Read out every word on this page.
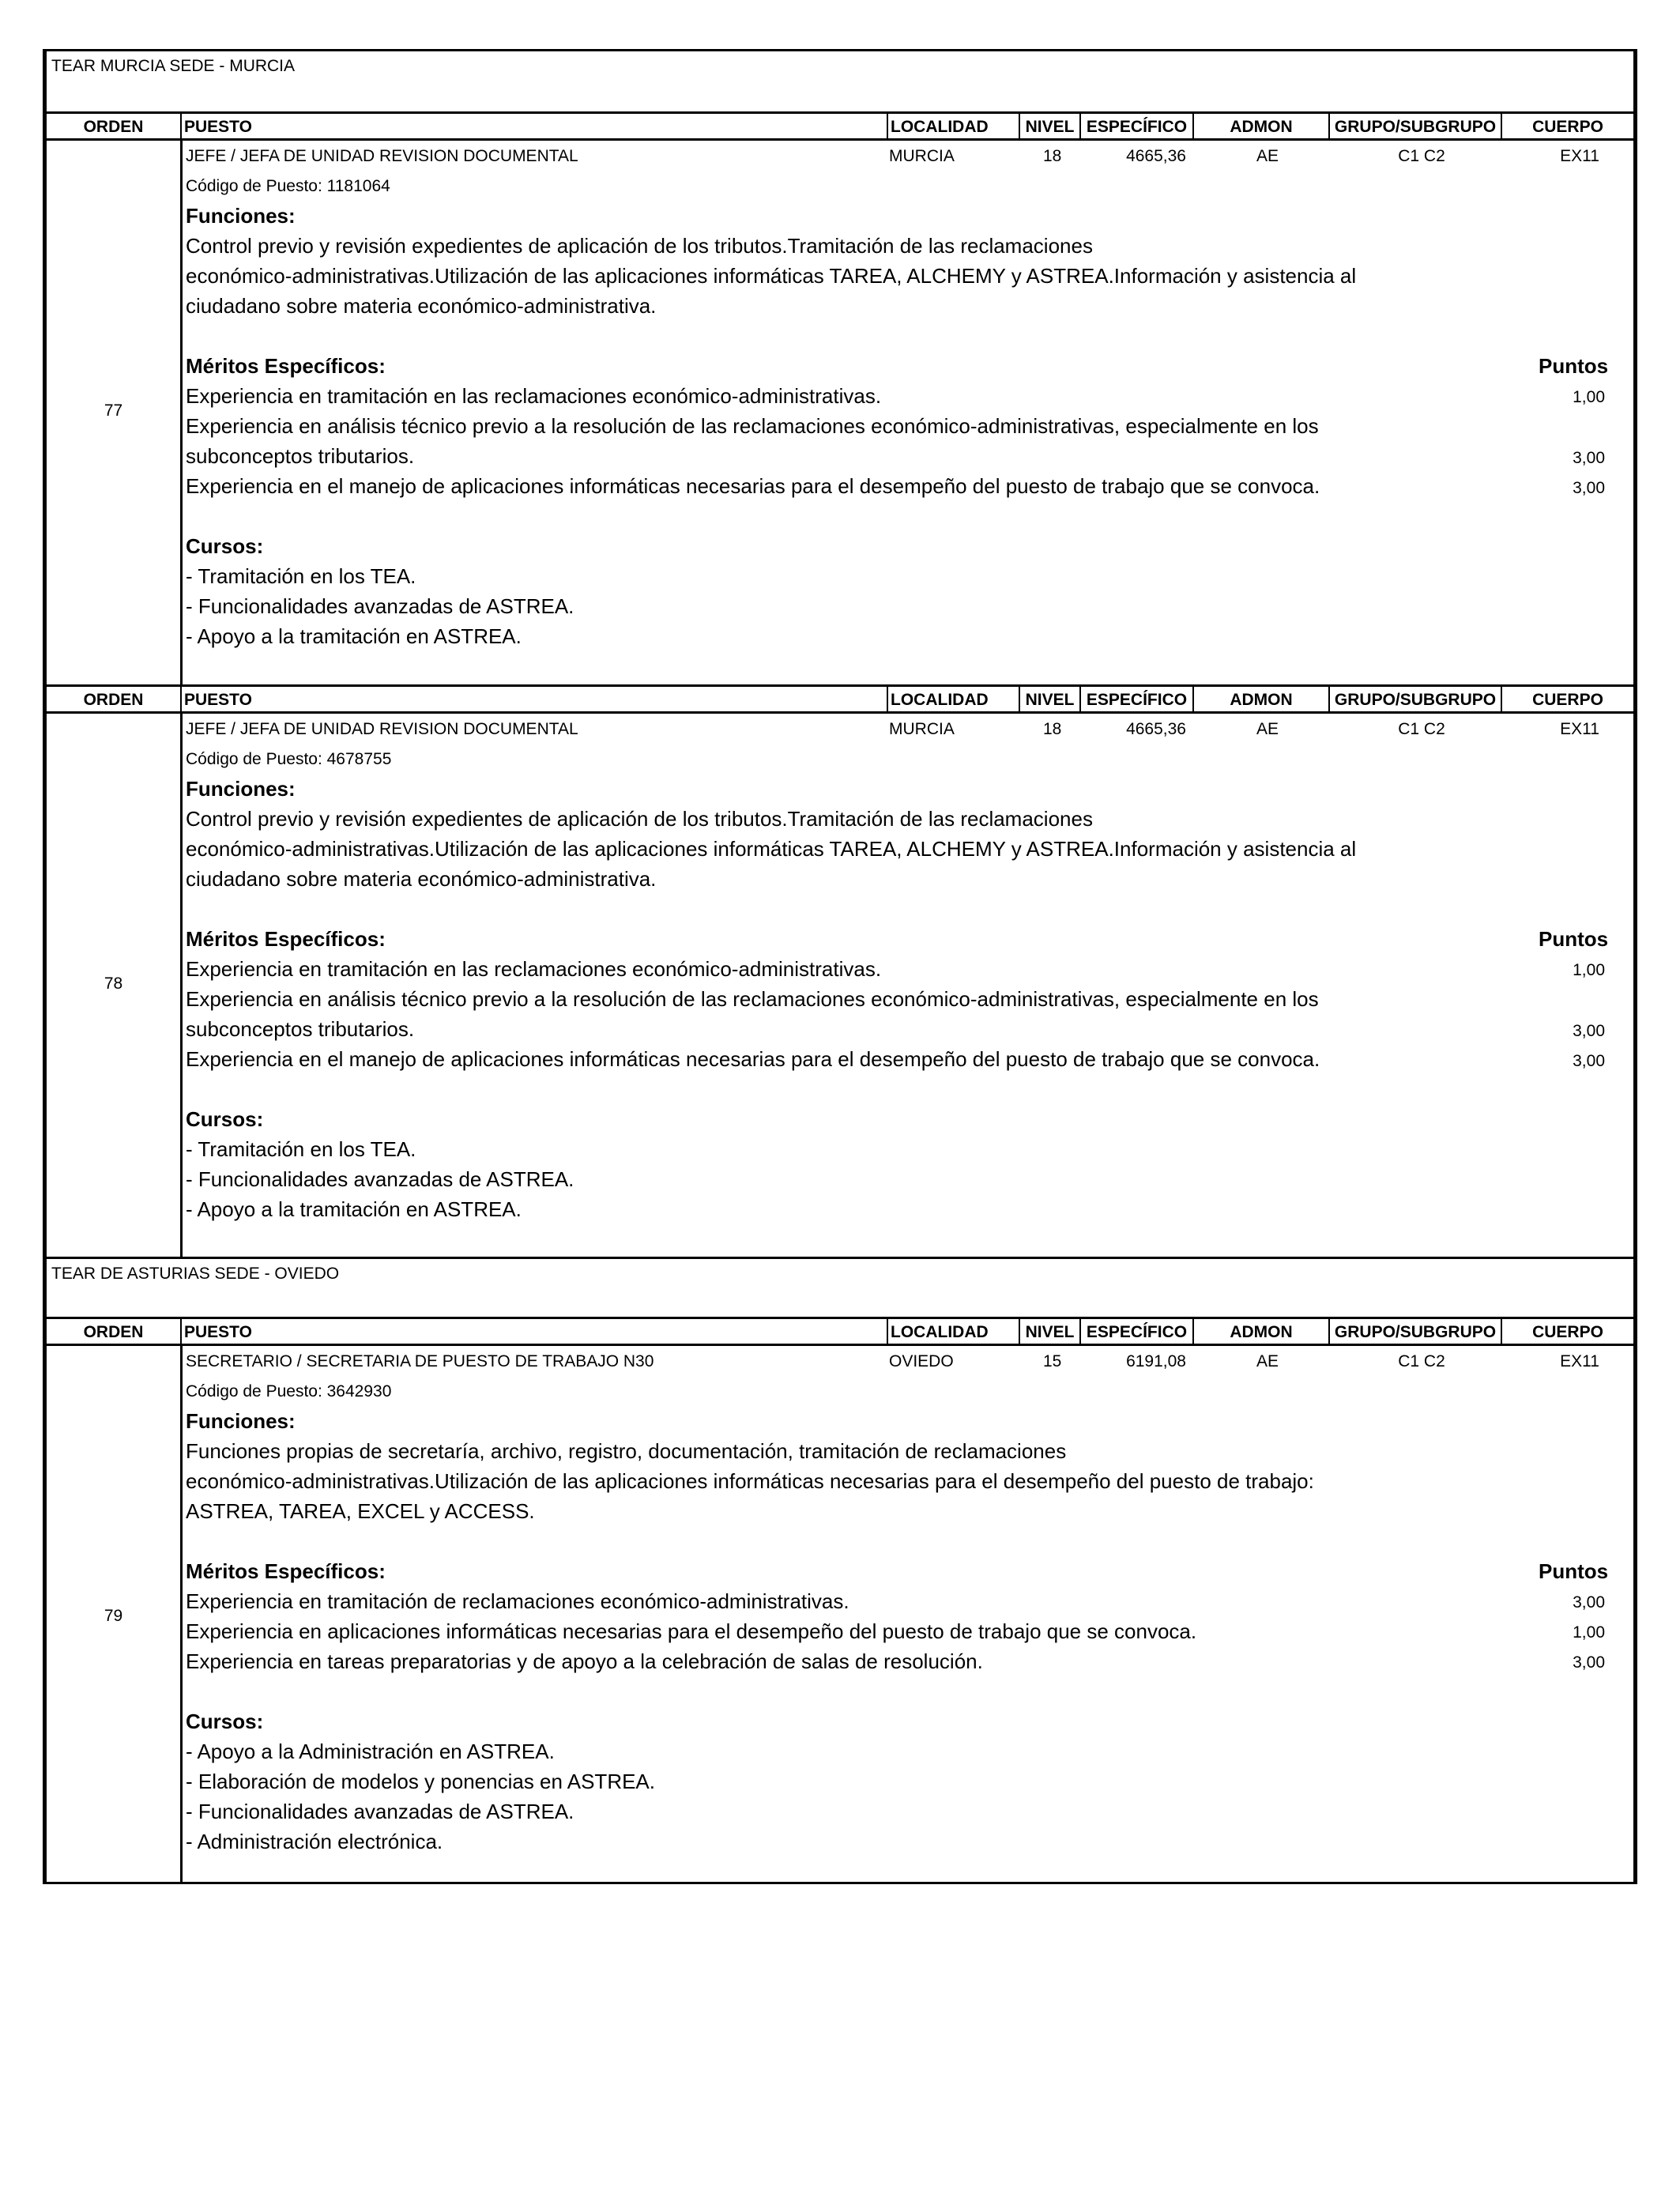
TEAR MURCIA SEDE - MURCIA
ORDEN	PUESTO	LOCALIDAD	NIVEL ESPECÍFICO	ADMON	GRUPO/SUBGRUPO	CUERPO
77
JEFE / JEFA DE UNIDAD REVISION DOCUMENTAL	MURCIA	18	4665,36	AE	C1 C2	EX11
Código de Puesto: 1181064
Funciones:
Control previo y revisión expedientes de aplicación de los tributos.Tramitación de las reclamaciones
económico-administrativas.Utilización de las aplicaciones informáticas TAREA, ALCHEMY y ASTREA.Información y asistencia al
ciudadano sobre materia económico-administrativa.
Méritos Específicos:	Puntos
Experiencia en tramitación en las reclamaciones económico-administrativas.	1,00
Experiencia en análisis técnico previo a la resolución de las reclamaciones económico-administrativas, especialmente en los
subconceptos tributarios.	3,00
Experiencia en el manejo de aplicaciones informáticas necesarias para el desempeño del puesto de trabajo que se convoca.	3,00
Cursos:
- Tramitación en los TEA.
- Funcionalidades avanzadas de ASTREA.
- Apoyo a la tramitación en ASTREA.
ORDEN	PUESTO	LOCALIDAD	NIVEL ESPECÍFICO	ADMON	GRUPO/SUBGRUPO	CUERPO
78
JEFE / JEFA DE UNIDAD REVISION DOCUMENTAL	MURCIA	18	4665,36	AE	C1 C2	EX11
Código de Puesto: 4678755
Funciones:
Control previo y revisión expedientes de aplicación de los tributos.Tramitación de las reclamaciones
económico-administrativas.Utilización de las aplicaciones informáticas TAREA, ALCHEMY y ASTREA.Información y asistencia al
ciudadano sobre materia económico-administrativa.
Méritos Específicos:	Puntos
Experiencia en tramitación en las reclamaciones económico-administrativas.	1,00
Experiencia en análisis técnico previo a la resolución de las reclamaciones económico-administrativas, especialmente en los
subconceptos tributarios.	3,00
Experiencia en el manejo de aplicaciones informáticas necesarias para el desempeño del puesto de trabajo que se convoca.	3,00
Cursos:
- Tramitación en los TEA.
- Funcionalidades avanzadas de ASTREA.
- Apoyo a la tramitación en ASTREA.
TEAR DE ASTURIAS SEDE - OVIEDO
ORDEN	PUESTO	LOCALIDAD	NIVEL ESPECÍFICO	ADMON	GRUPO/SUBGRUPO	CUERPO
79
SECRETARIO / SECRETARIA DE PUESTO DE TRABAJO N30	OVIEDO	15	6191,08	AE	C1 C2	EX11
Código de Puesto: 3642930
Funciones:
Funciones propias de secretaría, archivo, registro, documentación, tramitación de reclamaciones
económico-administrativas.Utilización de las aplicaciones informáticas necesarias para el desempeño del puesto de trabajo:
ASTREA, TAREA, EXCEL y ACCESS.
Méritos Específicos:	Puntos
Experiencia en tramitación de reclamaciones económico-administrativas.	3,00
Experiencia en aplicaciones informáticas necesarias para el desempeño del puesto de trabajo que se convoca.	1,00
Experiencia en tareas preparatorias y de apoyo a la celebración de salas de resolución.	3,00
Cursos:
- Apoyo a la Administración en ASTREA.
- Elaboración de modelos y ponencias en ASTREA.
- Funcionalidades avanzadas de ASTREA.
- Administración electrónica.
